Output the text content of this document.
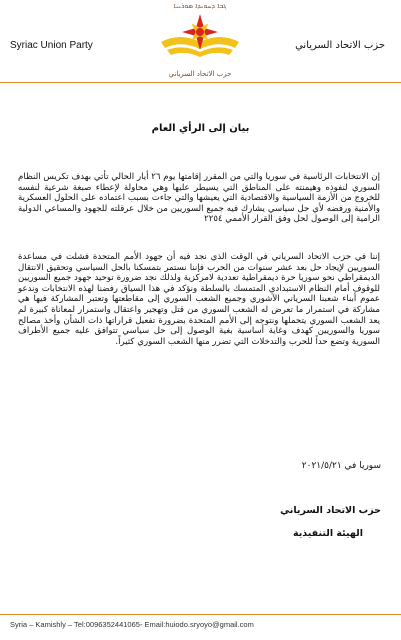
Syriac Union Party	حزب الاتحاد السرياني
ܓܒܐ ܕܚܘܝܕܐ ܣܘܪܝܝܐ
حزب الاتحاد السرياني
بيان إلى الرأي العام
إن الانتخابات الرئاسية في سوريا والتي من المقرر إقامتها يوم ٢٦ أيار الحالي تأتي بهدف تكريس النظام السوري لنفوذه وهيمنته على المناطق التي يسيطر عليها وهي محاولة لإعطاء صبغة شرعية لنفسه للخروج من الأزمة السياسية والاقتصادية التي يعيشها والتي جاءت بسبب اعتماده على الحلول العسكرية والأمنية ورفضه لأي حل سياسي يشارك فيه جميع السوريين من خلال عرقلته للجهود والمساعي الدولية الرامية إلى الوصول لحل وفق القرار الأممي ٢٢٥٤
إننا في حزب الاتحاد السرياني في الوقت الذي نجد فيه أن جهود الأمم المتحدة فشلت في مساعدة السوريين لإيجاد حل بعد عشر سنوات من الحرب فإننا نستمر بتمسكنا بالحل السياسي وتحقيق الانتقال الديمقراطي نحو سوريا حرة ديمقراطية تعددية لامركزية ولذلك نجد ضرورة توحيد جهود جميع السوريين للوقوف أمام النظام الاستبدادي المتمسك بالسلطة ونؤكد في هذا السياق رفضنا لهذه الانتخابات وندعو عموم أبناء شعبنا السرياني الآشوري وجميع الشعب السوري إلى مقاطعتها وتعتبر المشاركة فيها هي مشاركة في استمرار ما تعرض له الشعب السوري من قتل وتهجير واعتقال واستمرار لمعاناة كبيرة لم يعد الشعب السوري يتحملها ونتوجه إلى الأمم المتحدة بضرورة تفعيل قراراتها ذات الشأن وأخذ مصالح سوريا والسوريين كهدف وغاية أساسية بغية الوصول إلى حل سياسي تتوافق عليه جميع الأطراف السورية وتضع حداً للحرب والتدخلات التي تضرر منها الشعب السوري كثيراً.
سوريا في ٢٠٢١/٥/٢١
حزب الاتحاد السرياني
الهيئة التنفيذية
Syria – Kamishly – Tel:00963524410​65- Email:huiodo.sryoyo@gmail.com
